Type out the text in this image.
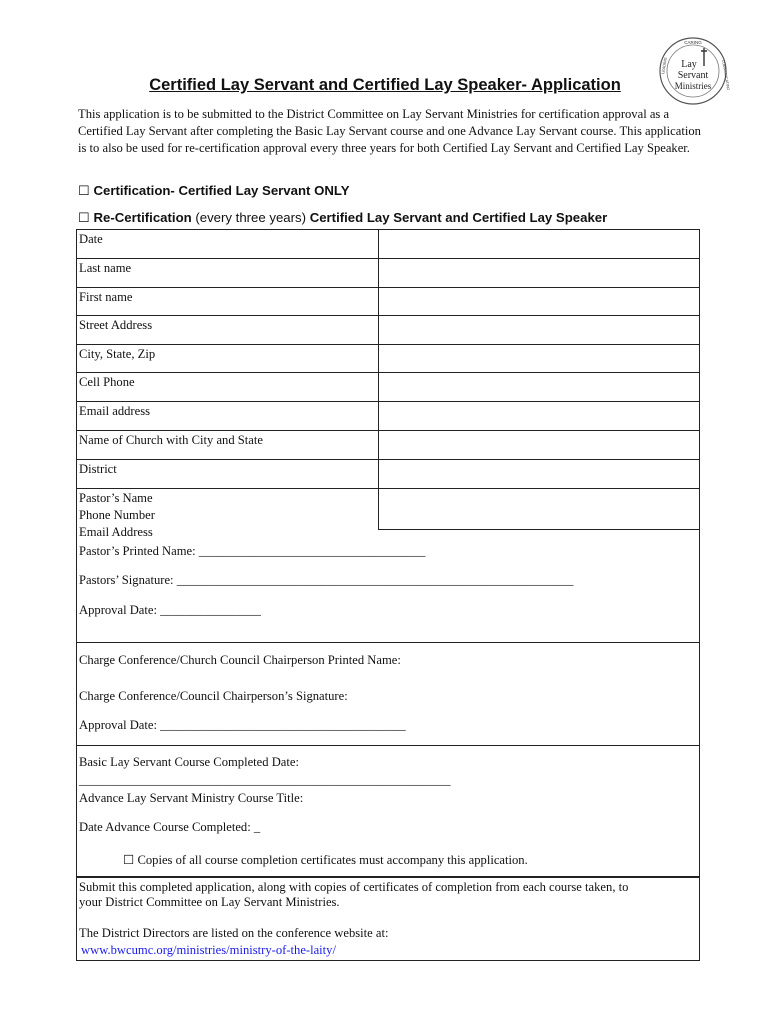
CARING
LEADING	COMMUNICATING
Lay
Servant
Ministries
Certified Lay Servant and Certified Lay Speaker- Application
This application is to be submitted to the District Committee on Lay Servant Ministries for certification approval as a Certified Lay Servant after completing the Basic Lay Servant course and one Advance Lay Servant course. This application is to also be used for re-certification approval every three years for both Certified Lay Servant and Certified Lay Speaker.
☐ Certification- Certified Lay Servant ONLY
☐ Re-Certification (every three years) Certified Lay Servant and Certified Lay Speaker
Date
Last name
First name
Street Address
City, State, Zip
Cell Phone
Email address
Name of Church with City and State
District
Pastor’s Name
Phone Number
Email Address
Pastor’s Printed Name: ____________________________________
Pastors’ Signature: _______________________________________________________________
Approval Date: ________________
Charge Conference/Church Council Chairperson Printed Name:
Charge Conference/Council Chairperson’s Signature:
Approval Date: _______________________________________
Basic Lay Servant Course Completed Date:
___________________________________________________________
Advance Lay Servant Ministry Course Title:
Date Advance Course Completed: _
☐ Copies of all course completion certificates must accompany this application.
Submit this completed application, along with copies of certificates of completion from each course taken, to
your District Committee on Lay Servant Ministries.
The District Directors are listed on the conference website at:
www.bwcumc.org/ministries/ministry-of-the-laity/
